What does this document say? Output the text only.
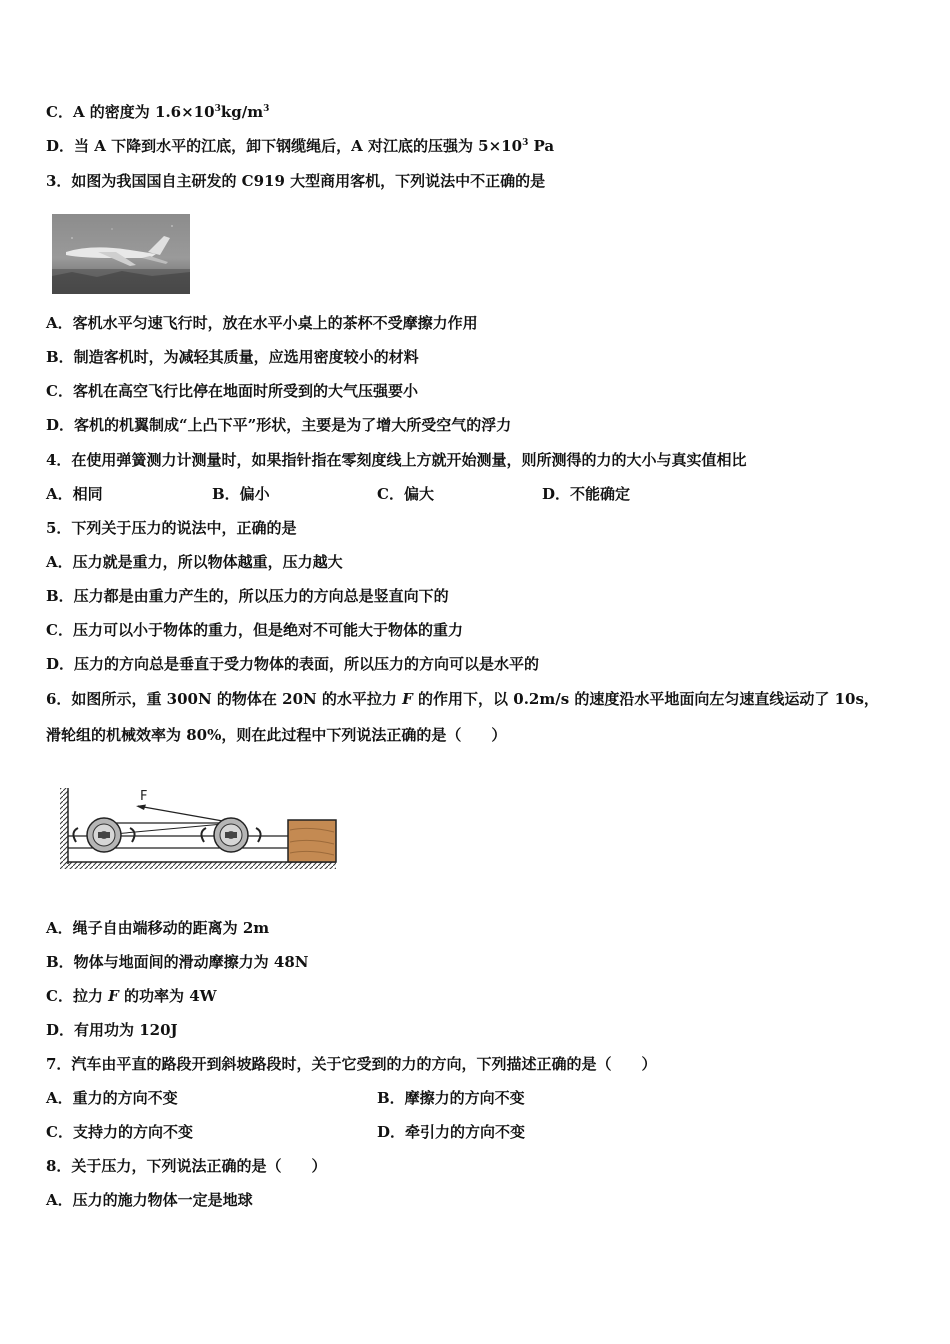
C．A 的密度为 $1.6\times 10^3kg/m^3$
D．当 A 下降到水平的江底，卸下钢缆绳后，A 对江底的压强为 $5\times 10^3$ Pa
3．如图为我国国自主研发的 C919 大型商用客机，下列说法中不正确的是
A．客机水平匀速飞行时，放在水平小桌上的茶杯不受摩擦力作用
B．制造客机时，为减轻其质量，应选用密度较小的材料
C．客机在高空飞行比停在地面时所受到的大气压强要小
D．客机的机翼制成“上凸下平”形状，主要是为了增大所受空气的浮力
4．在使用弹簧测力计测量时，如果指针指在零刻度线上方就开始测量，则所测得的力的大小与真实值相比
A．相同	B．偏小	C．偏大	D．不能确定
5．下列关于压力的说法中，正确的是
A．压力就是重力，所以物体越重，压力越大
B．压力都是由重力产生的，所以压力的方向总是竖直向下的
C．压力可以小于物体的重力，但是绝对不可能大于物体的重力
D．压力的方向总是垂直于受力物体的表面，所以压力的方向可以是水平的
6．如图所示，重 300N 的物体在 20N 的水平拉力 F 的作用下，以 0.2m/s 的速度沿水平地面向左匀速直线运动了 10s，
滑轮组的机械效率为 80%，则在此过程中下列说法正确的是（　　）
F
A．绳子自由端移动的距离为 2m
B．物体与地面间的滑动摩擦力为 48N
C．拉力 F 的功率为 4W
D．有用功为 120J
7．汽车由平直的路段开到斜坡路段时，关于它受到的力的方向，下列描述正确的是（　　）
A．重力的方向不变	B．摩擦力的方向不变
C．支持力的方向不变	D．牵引力的方向不变
8．关于压力，下列说法正确的是（　　）
A．压力的施力物体一定是地球
